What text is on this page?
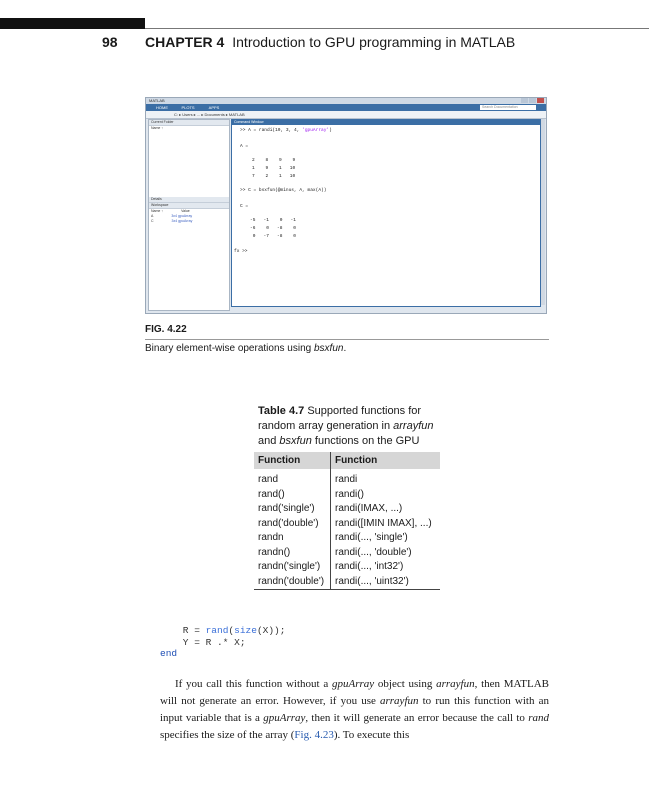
98 CHAPTER 4 Introduction to GPU programming in MATLAB
MATLAB
HOME	PLOTS	APPS	Search Documentation
C: ▸ Users ▸ ... ▸ Documents ▸ MATLAB
Current Folder
Name ↑
Details
Workspace
Name ↑	Value
A	3x4 gpuArray
C	3x4 gpuArray
Command Window
>> A = randi(10, 3, 4, 'gpuArray')
A =
2    8    9    9
1    9    1   10
7    2    1   10
>> C = bsxfun(@minus, A, max(A))
C =
-5   -1    0   -1
-6    0   -8    0
0   -7   -8    0
fx >>
FIG. 4.22
Binary element-wise operations using bsxfun.
Table 4.7 Supported functions for random array generation in arrayfun and bsxfun functions on the GPU
Function	Function
rand	randi
rand()	randi()
rand('single')	randi(IMAX, ...)
rand('double')	randi([IMIN IMAX], ...)
randn	randi(..., 'single')
randn()	randi(..., 'double')
randn('single')	randi(..., 'int32')
randn('double')	randi(..., 'uint32')
R = rand(size(X));
Y = R .* X;
end
If you call this function without a gpuArray object using arrayfun, then MATLAB will not generate an error. However, if you use arrayfun to run this function with an input variable that is a gpuArray, then it will generate an error because the call to rand specifies the size of the array (Fig. 4.23). To execute this
